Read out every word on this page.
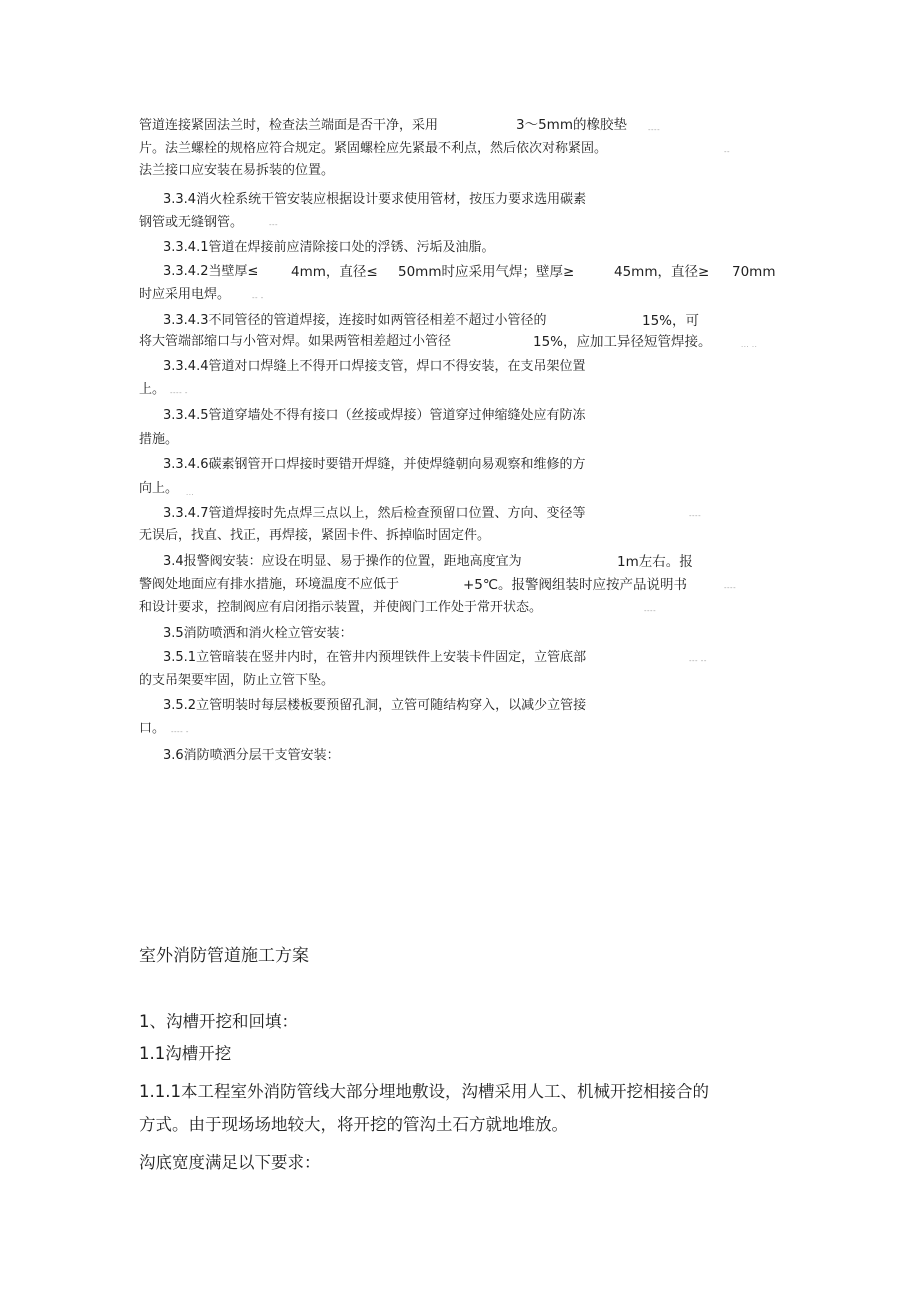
管道连接紧固法兰时，检查法兰端面是否干净，采用	3～5mm的橡胶垫	----
片。法兰螺栓的规格应符合规定。紧固螺栓应先紧最不利点，然后依次对称紧固。	--
法兰接口应安装在易拆装的位置。
3.3.4消火栓系统干管安装应根据设计要求使用管材，按压力要求选用碳素
钢管或无缝钢管。	---
3.3.4.1管道在焊接前应清除接口处的浮锈、污垢及油脂。
3.3.4.2当壁厚≤ 4mm，直径≤ 50mm时应采用气焊；壁厚≥	45mm，直径≥ 70mm
时应采用电焊。	-- -
3.3.4.3不同管径的管道焊接，连接时如两管径相差不超过小管径的	15%，可
将大管端部缩口与小管对焊。如果两管相差超过小管径	15%，应加工异径短管焊接。	... ..
3.3.4.4管道对口焊缝上不得开口焊接支管，焊口不得安装，在支吊架位置
上。 ---- -
3.3.4.5管道穿墙处不得有接口（丝接或焊接）管道穿过伸缩缝处应有防冻
措施。
3.3.4.6碳素钢管开口焊接时要错开焊缝，并使焊缝朝向易观察和维修的方
向上。 ...
3.3.4.7管道焊接时先点焊三点以上，然后检查预留口位置、方向、变径等	----
无误后，找直、找正，再焊接，紧固卡件、拆掉临时固定件。
3.4报警阀安装：应设在明显、易于操作的位置，距地高度宜为	1m左右。报
警阀处地面应有排水措施，环境温度不应低于	+5℃。报警阀组装时应按产品说明书	----
和设计要求，控制阀应有启闭指示装置，并使阀门工作处于常开状态。	----
3.5消防喷洒和消火栓立管安装：
3.5.1立管暗装在竖井内时，在管井内预埋铁件上安装卡件固定，立管底部	--- --
的支吊架要牢固，防止立管下坠。
3.5.2立管明装时每层楼板要预留孔洞，立管可随结构穿入，以减少立管接
口。 ---- -
3.6消防喷洒分层干支管安装：
室外消防管道施工方案
1、沟槽开挖和回填：
1.1沟槽开挖
1.1.1本工程室外消防管线大部分埋地敷设，沟槽采用人工、机械开挖相接合的
方式。由于现场场地较大，将开挖的管沟土石方就地堆放。
沟底宽度满足以下要求：
